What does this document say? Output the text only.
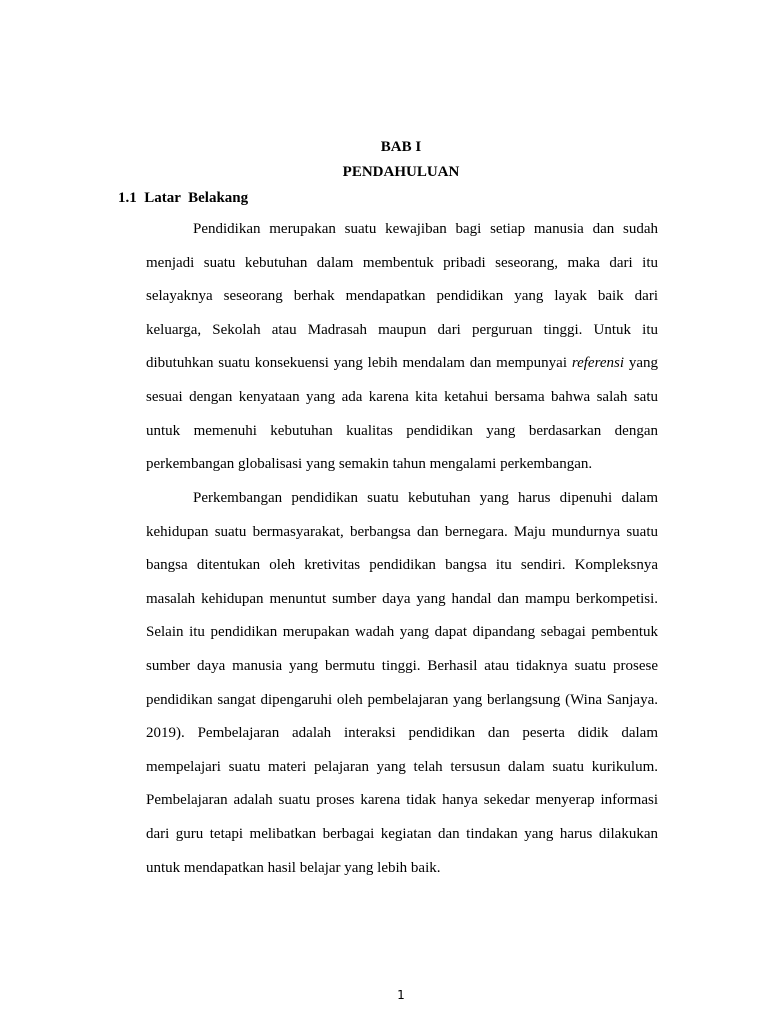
BAB I
PENDAHULUAN
1.1  Latar  Belakang

Pendidikan merupakan suatu kewajiban bagi setiap manusia dan sudah menjadi suatu kebutuhan dalam membentuk pribadi seseorang, maka dari itu selayaknya seseorang berhak mendapatkan pendidikan yang layak baik dari keluarga, Sekolah atau Madrasah maupun dari perguruan tinggi. Untuk itu dibutuhkan suatu konsekuensi yang lebih mendalam dan mempunyai referensi yang sesuai dengan kenyataan yang ada karena kita ketahui bersama bahwa salah satu untuk memenuhi kebutuhan kualitas pendidikan yang berdasarkan dengan perkembangan globalisasi yang semakin tahun mengalami perkembangan.

Perkembangan pendidikan suatu kebutuhan yang harus dipenuhi dalam kehidupan suatu bermasyarakat, berbangsa dan bernegara. Maju mundurnya suatu bangsa ditentukan oleh kretivitas pendidikan bangsa itu sendiri. Kompleksnya masalah kehidupan menuntut sumber daya yang handal dan mampu berkompetisi. Selain itu pendidikan merupakan wadah yang dapat dipandang sebagai pembentuk sumber daya manusia yang bermutu tinggi. Berhasil atau tidaknya suatu prosese pendidikan sangat dipengaruhi oleh pembelajaran yang berlangsung (Wina Sanjaya. 2019). Pembelajaran adalah interaksi pendidikan dan peserta didik dalam mempelajari suatu materi pelajaran yang telah tersusun dalam suatu kurikulum. Pembelajaran adalah suatu proses karena tidak hanya sekedar menyerap informasi dari guru tetapi melibatkan berbagai kegiatan dan tindakan yang harus dilakukan untuk mendapatkan hasil belajar yang lebih baik.

1
